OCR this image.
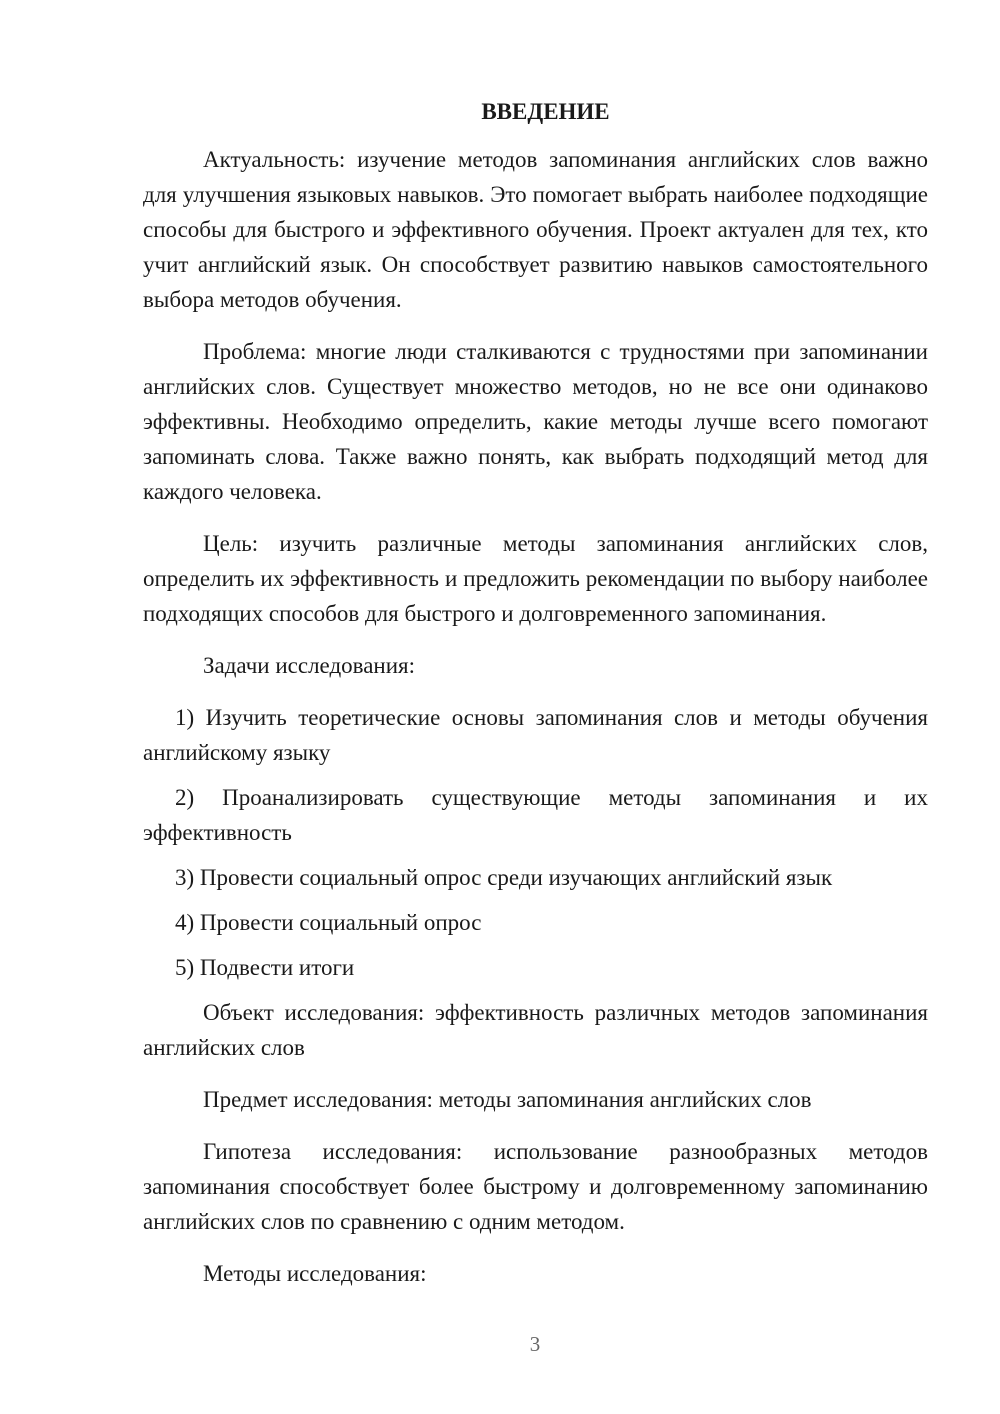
ВВЕДЕНИЕ
Актуальность: изучение методов запоминания английских слов важно для улучшения языковых навыков. Это помогает выбрать наиболее подходящие способы для быстрого и эффективного обучения. Проект актуален для тех, кто учит английский язык. Он способствует развитию навыков самостоятельного выбора методов обучения.
Проблема: многие люди сталкиваются с трудностями при запоминании английских слов. Существует множество методов, но не все они одинаково эффективны. Необходимо определить, какие методы лучше всего помогают запоминать слова. Также важно понять, как выбрать подходящий метод для каждого человека.
Цель: изучить различные методы запоминания английских слов, определить их эффективность и предложить рекомендации по выбору наиболее подходящих способов для быстрого и долговременного запоминания.
Задачи исследования:
1) Изучить теоретические основы запоминания слов и методы обучения английскому языку
2) Проанализировать существующие методы запоминания и их эффективность
3) Провести социальный опрос среди изучающих английский язык
4) Провести социальный опрос
5) Подвести итоги
Объект исследования: эффективность различных методов запоминания английских слов
Предмет исследования: методы запоминания английских слов
Гипотеза исследования: использование разнообразных методов запоминания способствует более быстрому и долговременному запоминанию английских слов по сравнению с одним методом.
Методы исследования:
3
